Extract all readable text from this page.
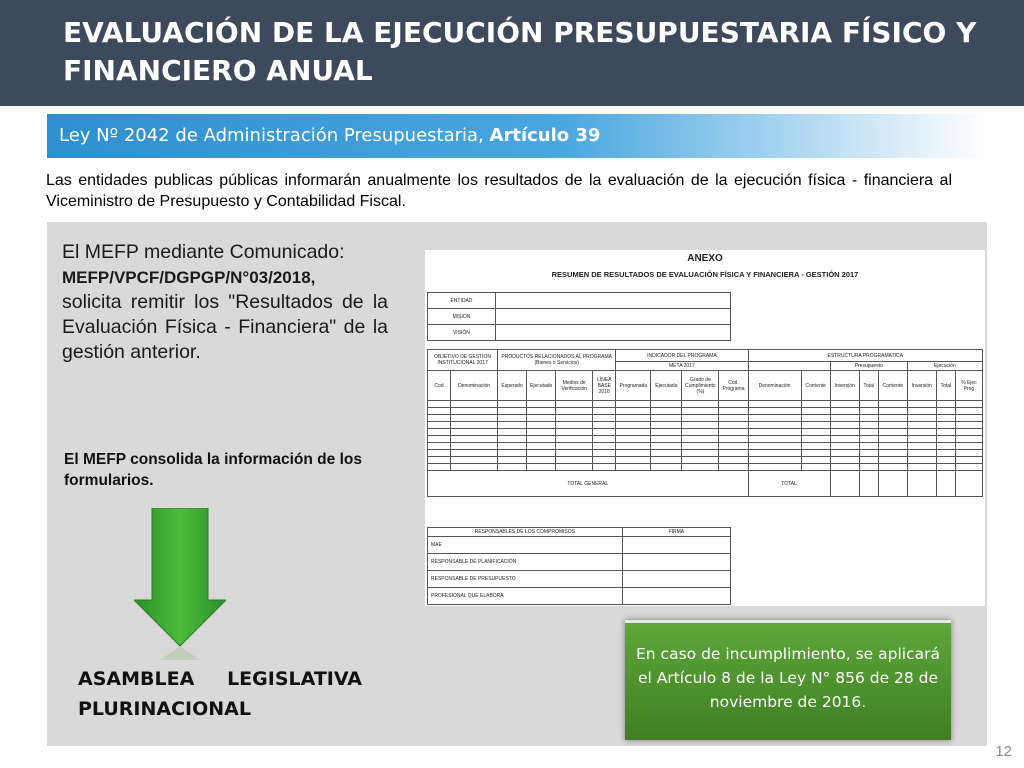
EVALUACIÓN DE LA EJECUCIÓN PRESUPUESTARIA FÍSICO Y FINANCIERO ANUAL
Ley Nº 2042 de Administración Presupuestaria, Artículo 39
Las entidades publicas públicas informarán anualmente los resultados de la evaluación de la ejecución física - financiera al Viceministro de Presupuesto y Contabilidad Fiscal.
El MEFP mediante Comunicado:
MEFP/VPCF/DGPGP/N°03/2018,
solicita remitir los "Resultados de la Evaluación Física - Financiera" de la gestión anterior.
El MEFP consolida la información de los formularios.
ASAMBLEA LEGISLATIVA
PLURINACIONAL
ANEXO
RESUMEN DE RESULTADOS DE EVALUACIÓN FÍSICA Y FINANCIERA - GESTIÓN 2017
ENTIDAD	
MISIÓN	
VISIÓN	
OBJETIVO DE GESTION INSTITUCIONAL 2017		PRODUCTOS RELACIONADOS AL PROGRAMA (Bienes o Servicios)				INDICADOR DEL PROGRAMA				ESTRUCTURA PROGRAMATICA							
						META 2017						Presupuesto			Ejecución		
Cod	Denominación	Esperado	Ejecutado	Medios de Verificación	LÍNEA BASE 2016	Programada	Ejecutada	Grado de Cumplimiento (%)	Cod. Programa	Denominación	Corriente	Inversión	Total	Corriente	Inversión	Total	% Ejec Prog

TOTAL GENERAL										TOTAL							
RESPONSABLES DE LOS COMPROMISOS	FIRMA
MAE	
RESPONSABLE DE PLANIFICACIÓN	
RESPONSABLE DE PRESUPUESTO	
PROFESIONAL QUE ELABORA	
En caso de incumplimiento, se aplicará el Artículo 8 de la Ley N° 856 de 28 de noviembre de 2016.
12
